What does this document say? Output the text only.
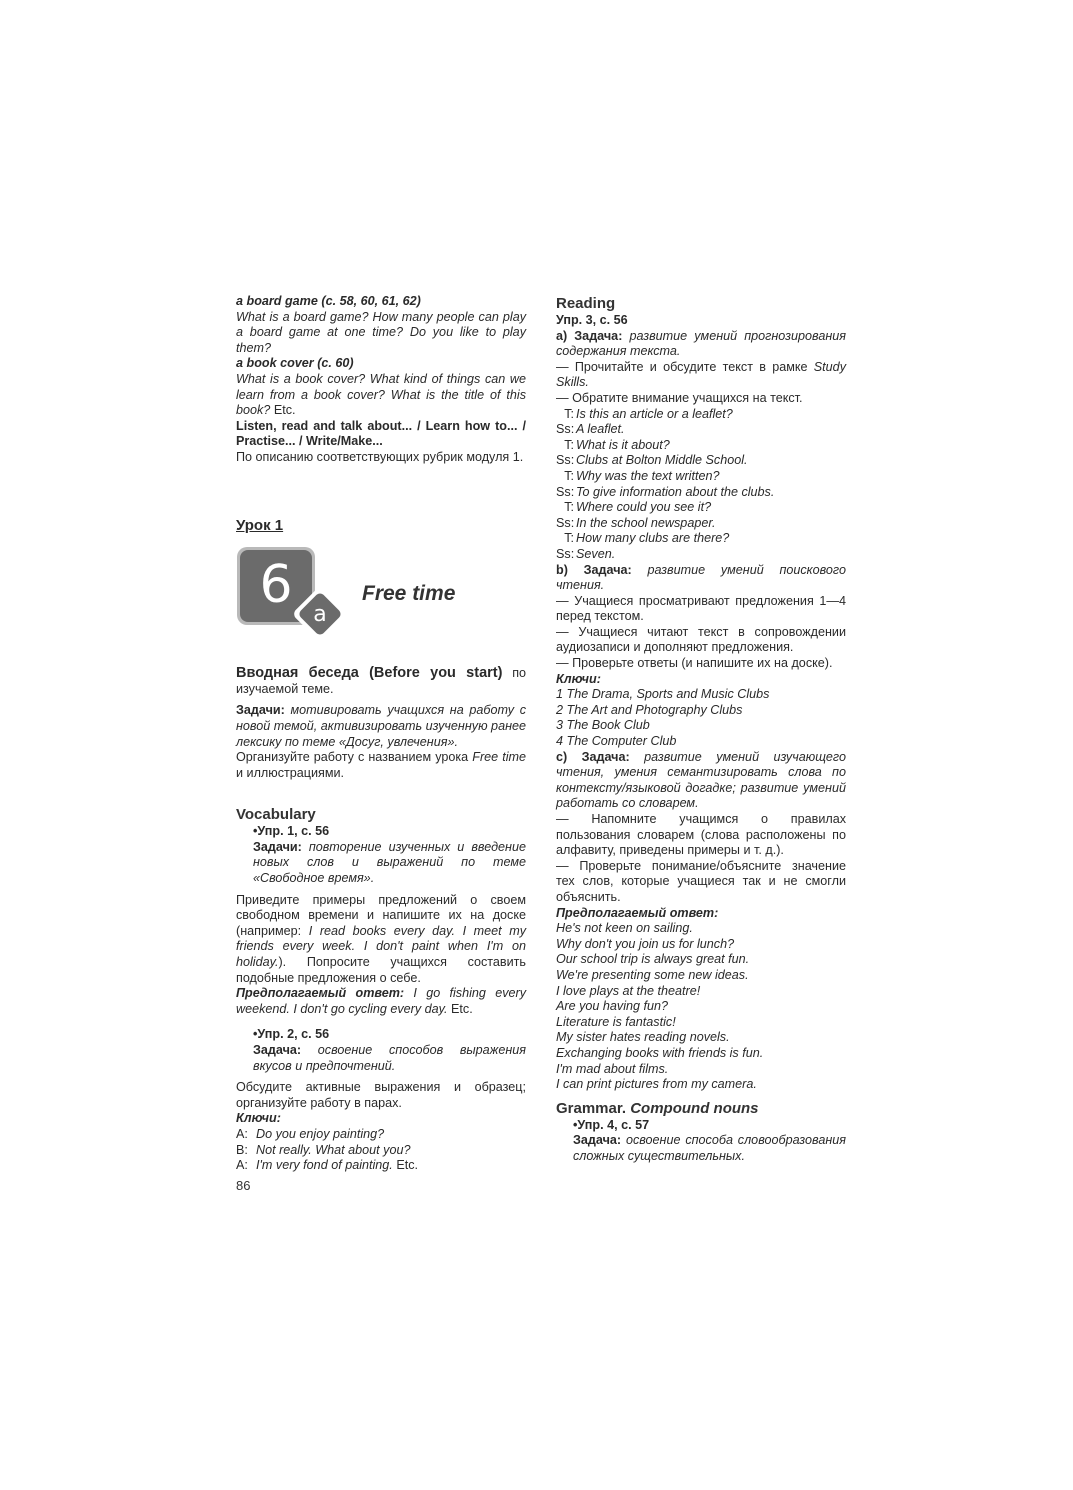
a board game (c. 58, 60, 61, 62)

What is a board game? How many people can play a board game at one time? Do you like to play them?

a book cover (c. 60)

What is a book cover? What kind of things can we learn from a book cover? What is the title of this book? Etc.

Listen, read and talk about... / Learn how to... / Practise... / Write/Make...

По описанию соответствующих рубрик модуля 1.

Урок 1
6 a
Free time

Вводная беседа (Before you start) по изучаемой теме.

Задачи: мотивировать учащихся на работу с новой темой, активизировать изученную ранее лексику по теме «Досуг, увлечения».

Организуйте работу с названием урока Free time и иллюстрациями.

Vocabulary
• Упр. 1, с. 56

Задачи: повторение изученных и введение новых слов и выражений по теме «Свободное время».

Приведите примеры предложений о своем свободном времени и напишите их на доске (например: I read books every day. I meet my friends every week. I don't paint when I'm on holiday.). Попросите учащихся составить подобные предложения о себе.

Предполагаемый ответ: I go fishing every weekend. I don't go cycling every day. Etc.

• Упр. 2, с. 56

Задача: освоение способов выражения вкусов и предпочтений.

Обсудите активные выражения и образец; организуйте работу в парах.

Ключи:
A: Do you enjoy painting?
B: Not really. What about you?
A: I'm very fond of painting. Etc.
86
Reading
Упр. 3, с. 56

a) Задача: развитие умений прогнозирования содержания текста.

— Прочитайте и обсудите текст в рамке Study Skills.

— Обратите внимание учащихся на текст.

T: Is this an article or a leaflet?
Ss: A leaflet.
T: What is it about?
Ss: Clubs at Bolton Middle School.
T: Why was the text written?
Ss: To give information about the clubs.
T: Where could you see it?
Ss: In the school newspaper.
T: How many clubs are there?
Ss: Seven.

b) Задача: развитие умений поискового чтения.

— Учащиеся просматривают предложения 1—4 перед текстом.

— Учащиеся читают текст в сопровождении аудиозаписи и дополняют предложения.

— Проверьте ответы (и напишите их на доске).

Ключи:
1 The Drama, Sports and Music Clubs
2 The Art and Photography Clubs
3 The Book Club
4 The Computer Club

c) Задача: развитие умений изучающего чтения, умения семантизировать слова по контексту/языковой догадке; развитие умений работать со словарем.

— Напомните учащимся о правилах пользования словарем (слова расположены по алфавиту, приведены примеры и т. д.).

— Проверьте понимание/объясните значение тех слов, которые учащиеся так и не смогли объяснить.

Предполагаемый ответ:
He's not keen on sailing.
Why don't you join us for lunch?
Our school trip is always great fun.
We're presenting some new ideas.
I love plays at the theatre!
Are you having fun?
Literature is fantastic!
My sister hates reading novels.
Exchanging books with friends is fun.
I'm mad about films.
I can print pictures from my camera.
Grammar. Compound nouns
• Упр. 4, с. 57

Задача: освоение способа словообразования сложных существительных.
